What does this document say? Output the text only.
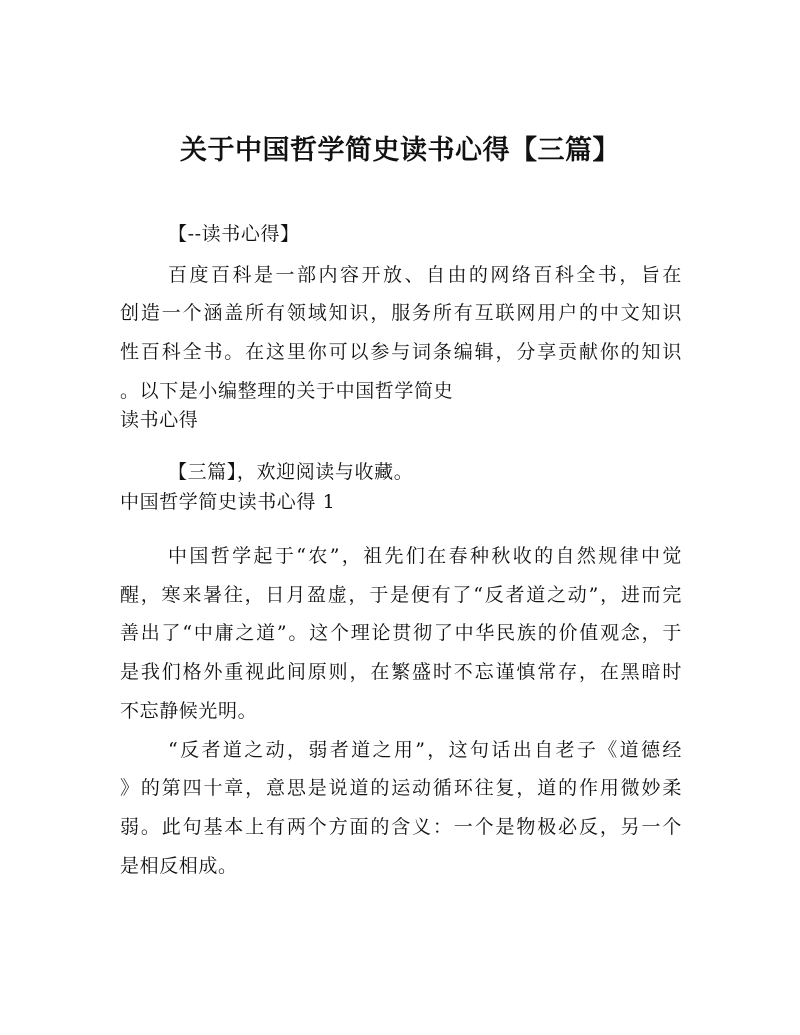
关于中国哲学简史读书心得【三篇】
【--读书心得】
百度百科是一部内容开放、自由的网络百科全书，旨在
创造一个涵盖所有领域知识，服务所有互联网用户的中文知识
性百科全书。在这里你可以参与词条编辑，分享贡献你的知识
。以下是小编整理的关于中国哲学简史
读书心得
【三篇】，欢迎阅读与收藏。
中国哲学简史读书心得 1
中国哲学起于“农”，祖先们在春种秋收的自然规律中觉
醒，寒来暑往，日月盈虚，于是便有了“反者道之动”，进而完
善出了“中庸之道”。这个理论贯彻了中华民族的价值观念，于
是我们格外重视此间原则，在繁盛时不忘谨慎常存，在黑暗时
不忘静候光明。
“反者道之动，弱者道之用”，这句话出自老子《道德经
》的第四十章，意思是说道的运动循环往复，道的作用微妙柔
弱。此句基本上有两个方面的含义：一个是物极必反，另一个
是相反相成。
